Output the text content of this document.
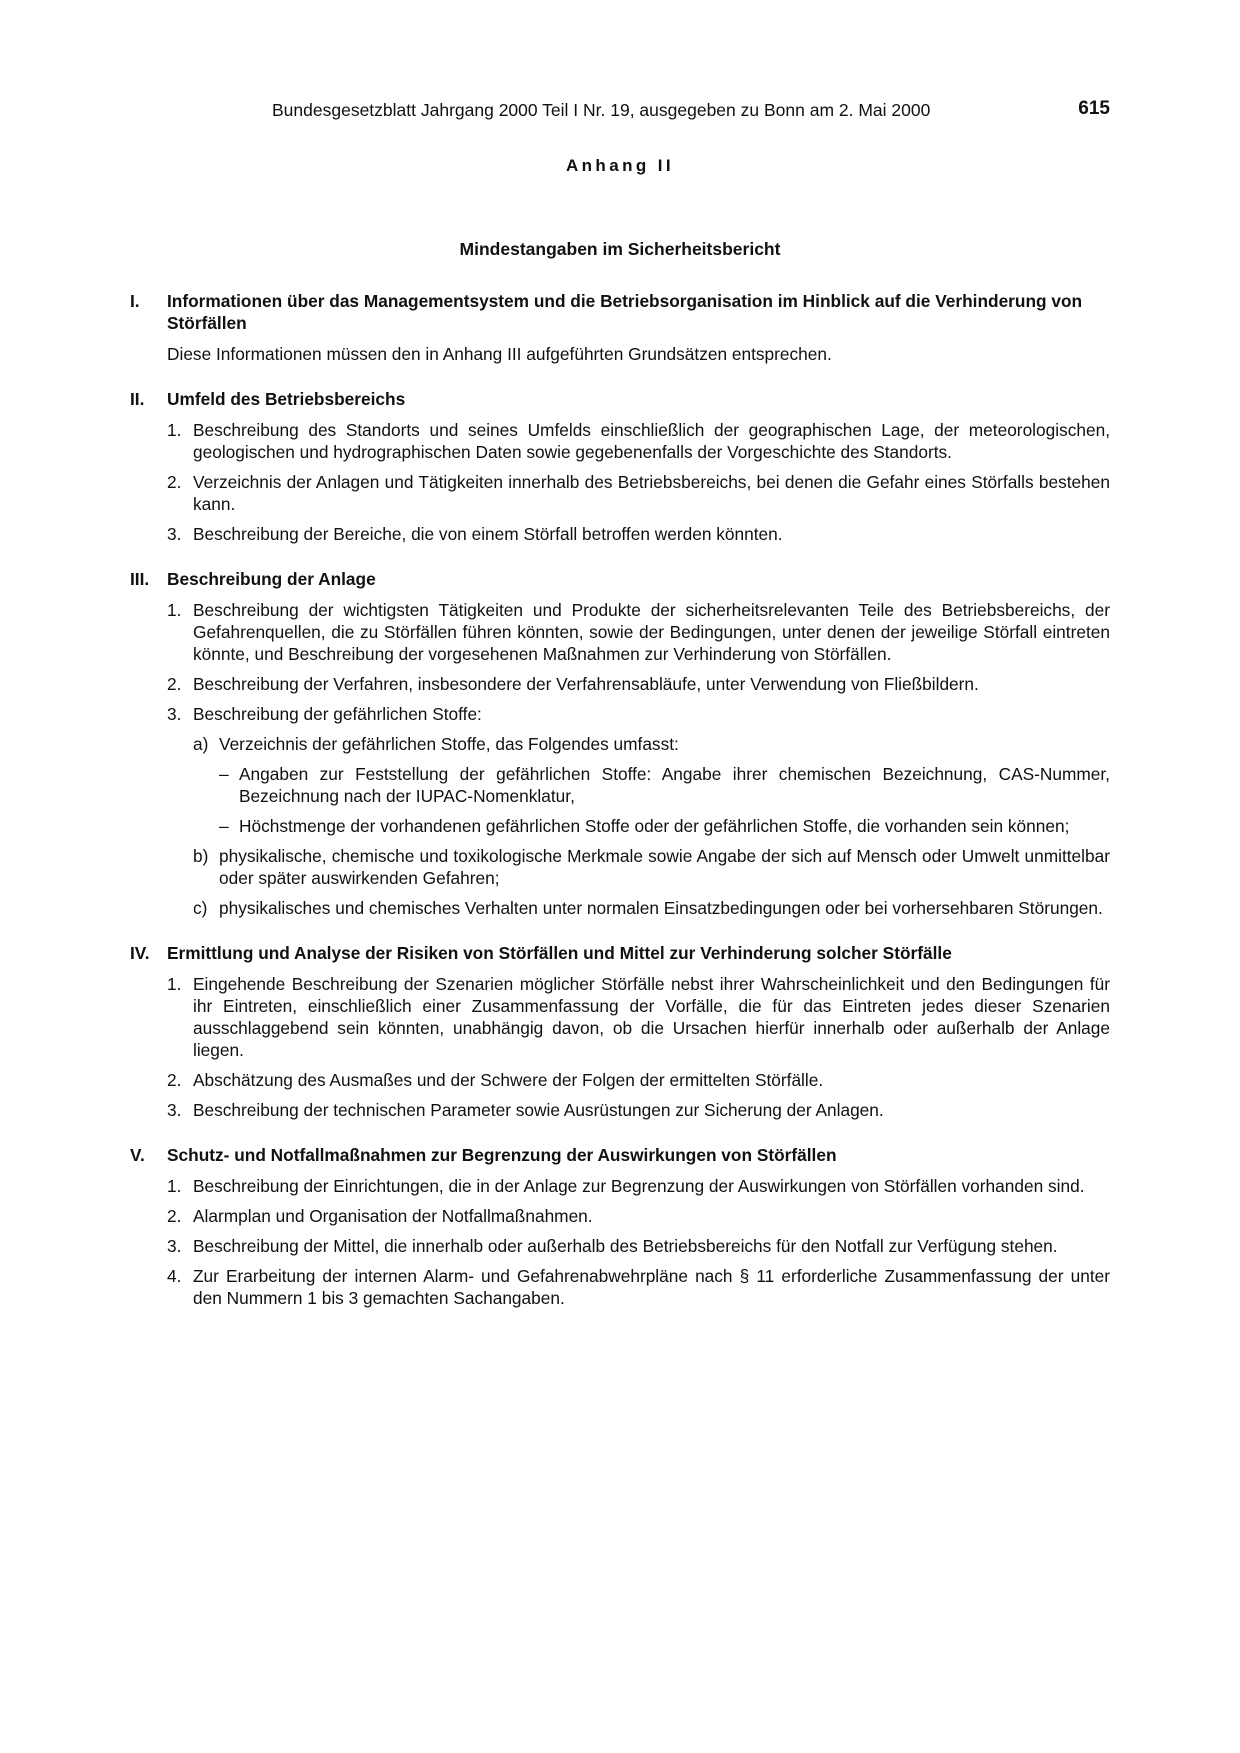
Bundesgesetzblatt Jahrgang 2000 Teil I Nr. 19, ausgegeben zu Bonn am 2. Mai 2000	615
Anhang II
Mindestangaben im Sicherheitsbericht
I.	Informationen über das Managementsystem und die Betriebsorganisation im Hinblick auf die Verhinderung von Störfällen

Diese Informationen müssen den in Anhang III aufgeführten Grundsätzen entsprechen.

II.	Umfeld des Betriebsbereichs
1. Beschreibung des Standorts und seines Umfelds einschließlich der geographischen Lage, der meteorologischen, geologischen und hydrographischen Daten sowie gegebenenfalls der Vorgeschichte des Standorts.
2. Verzeichnis der Anlagen und Tätigkeiten innerhalb des Betriebsbereichs, bei denen die Gefahr eines Störfalls bestehen kann.
3. Beschreibung der Bereiche, die von einem Störfall betroffen werden könnten.
III.	Beschreibung der Anlage
1. Beschreibung der wichtigsten Tätigkeiten und Produkte der sicherheitsrelevanten Teile des Betriebsbereichs, der Gefahrenquellen, die zu Störfällen führen könnten, sowie der Bedingungen, unter denen der jeweilige Störfall eintreten könnte, und Beschreibung der vorgesehenen Maßnahmen zur Verhinderung von Störfällen.
2. Beschreibung der Verfahren, insbesondere der Verfahrensabläufe, unter Verwendung von Fließbildern.
3. Beschreibung der gefährlichen Stoffe:
a) Verzeichnis der gefährlichen Stoffe, das Folgendes umfasst:
– Angaben zur Feststellung der gefährlichen Stoffe: Angabe ihrer chemischen Bezeichnung, CAS-Nummer, Bezeichnung nach der IUPAC-Nomenklatur,
– Höchstmenge der vorhandenen gefährlichen Stoffe oder der gefährlichen Stoffe, die vorhanden sein können;
b) physikalische, chemische und toxikologische Merkmale sowie Angabe der sich auf Mensch oder Umwelt unmittelbar oder später auswirkenden Gefahren;
c) physikalisches und chemisches Verhalten unter normalen Einsatzbedingungen oder bei vorhersehbaren Störungen.
IV.	Ermittlung und Analyse der Risiken von Störfällen und Mittel zur Verhinderung solcher Störfälle
1. Eingehende Beschreibung der Szenarien möglicher Störfälle nebst ihrer Wahrscheinlichkeit und den Bedingungen für ihr Eintreten, einschließlich einer Zusammenfassung der Vorfälle, die für das Eintreten jedes dieser Szenarien ausschlaggebend sein könnten, unabhängig davon, ob die Ursachen hierfür innerhalb oder außerhalb der Anlage liegen.
2. Abschätzung des Ausmaßes und der Schwere der Folgen der ermittelten Störfälle.
3. Beschreibung der technischen Parameter sowie Ausrüstungen zur Sicherung der Anlagen.
V.	Schutz- und Notfallmaßnahmen zur Begrenzung der Auswirkungen von Störfällen
1. Beschreibung der Einrichtungen, die in der Anlage zur Begrenzung der Auswirkungen von Störfällen vorhanden sind.
2. Alarmplan und Organisation der Notfallmaßnahmen.
3. Beschreibung der Mittel, die innerhalb oder außerhalb des Betriebsbereichs für den Notfall zur Verfügung stehen.
4. Zur Erarbeitung der internen Alarm- und Gefahrenabwehrpläne nach § 11 erforderliche Zusammenfassung der unter den Nummern 1 bis 3 gemachten Sachangaben.
